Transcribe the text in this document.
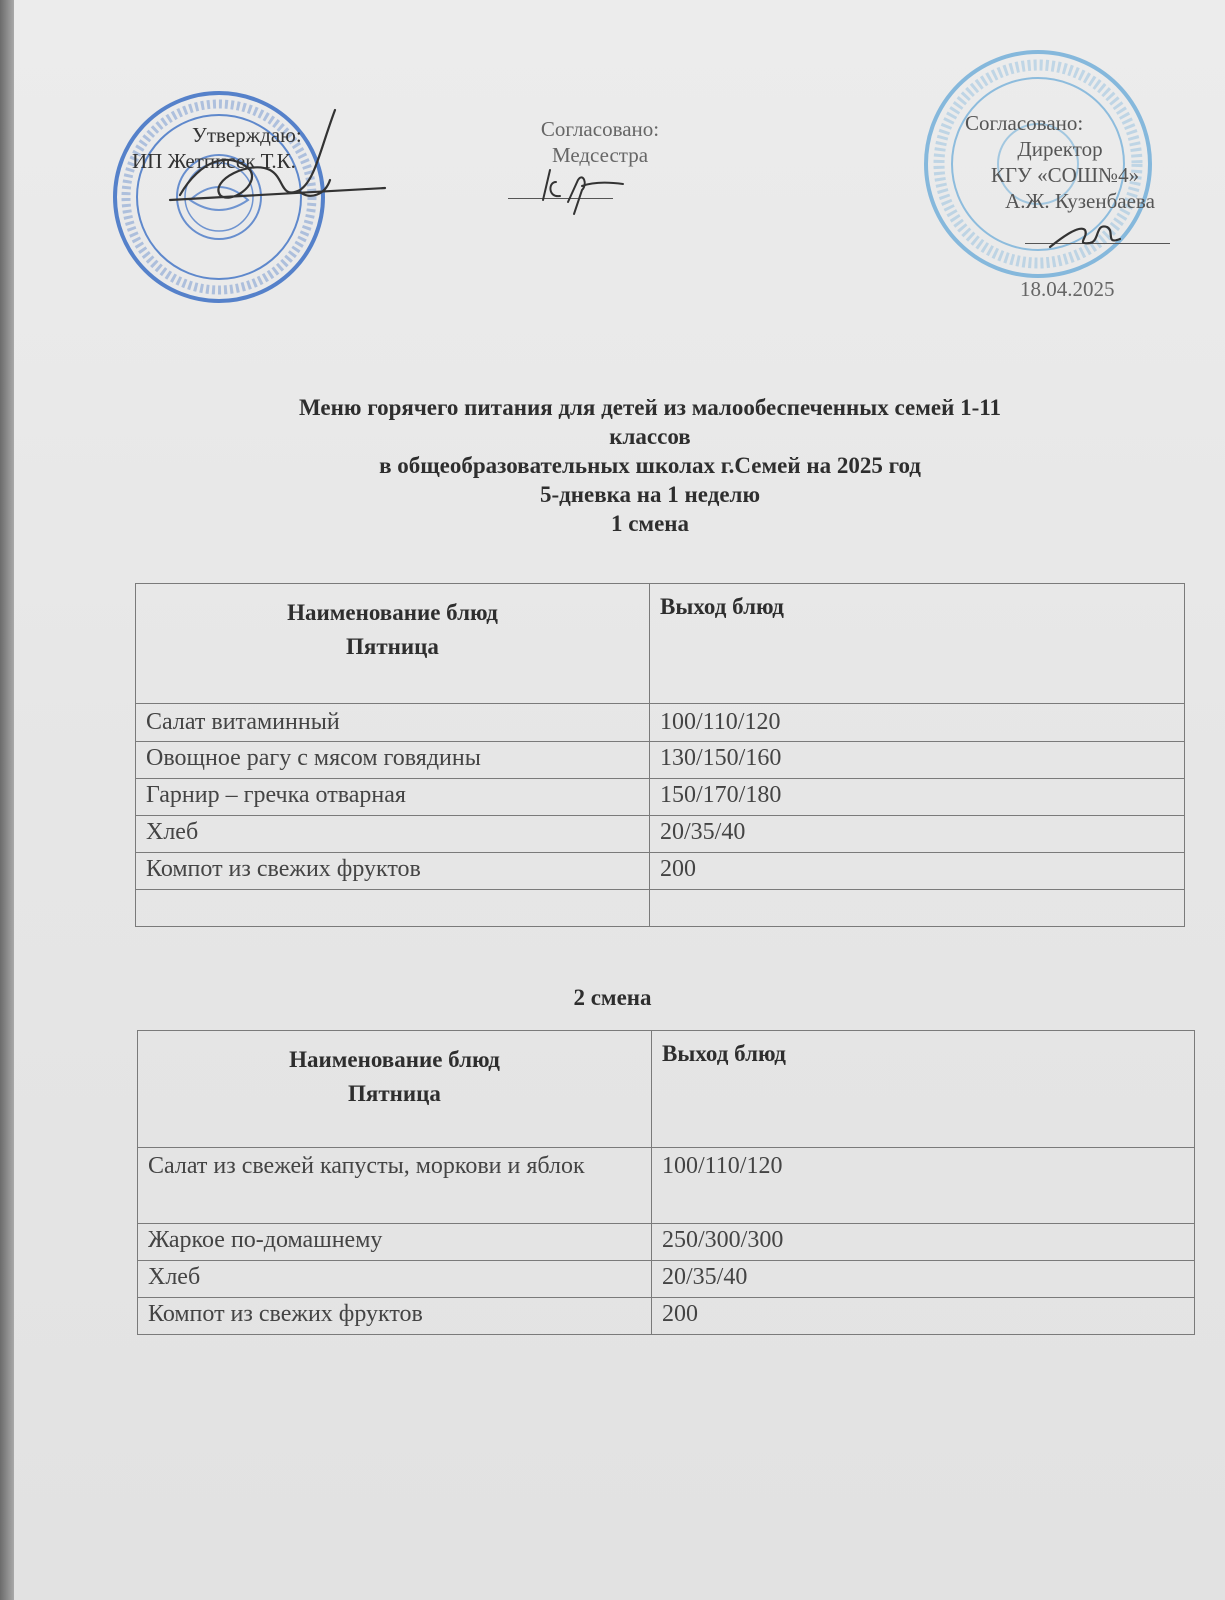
Утверждаю:
ИП Жетписек Т.К.
Согласовано:
Медсестра
Согласовано:
Директор
КГУ «СОШ№4»
А.Ж. Кузенбаева
18.04.2025
Меню горячего питания для детей из малообеспеченных семей 1-11
классов
в общеобразовательных школах г.Семей на 2025 год
5-дневка на 1 неделю
1 смена
Наименование блюд
Пятница	Выход блюд
Салат витаминный	100/110/120
Овощное рагу с мясом говядины	130/150/160
Гарнир – гречка отварная	150/170/180
Хлеб	20/35/40
Компот из свежих фруктов	200

2 смена
Наименование блюд
Пятница	Выход блюд
Салат из свежей капусты, моркови и яблок	100/110/120
Жаркое по-домашнему	250/300/300
Хлеб	20/35/40
Компот из свежих фруктов	200
